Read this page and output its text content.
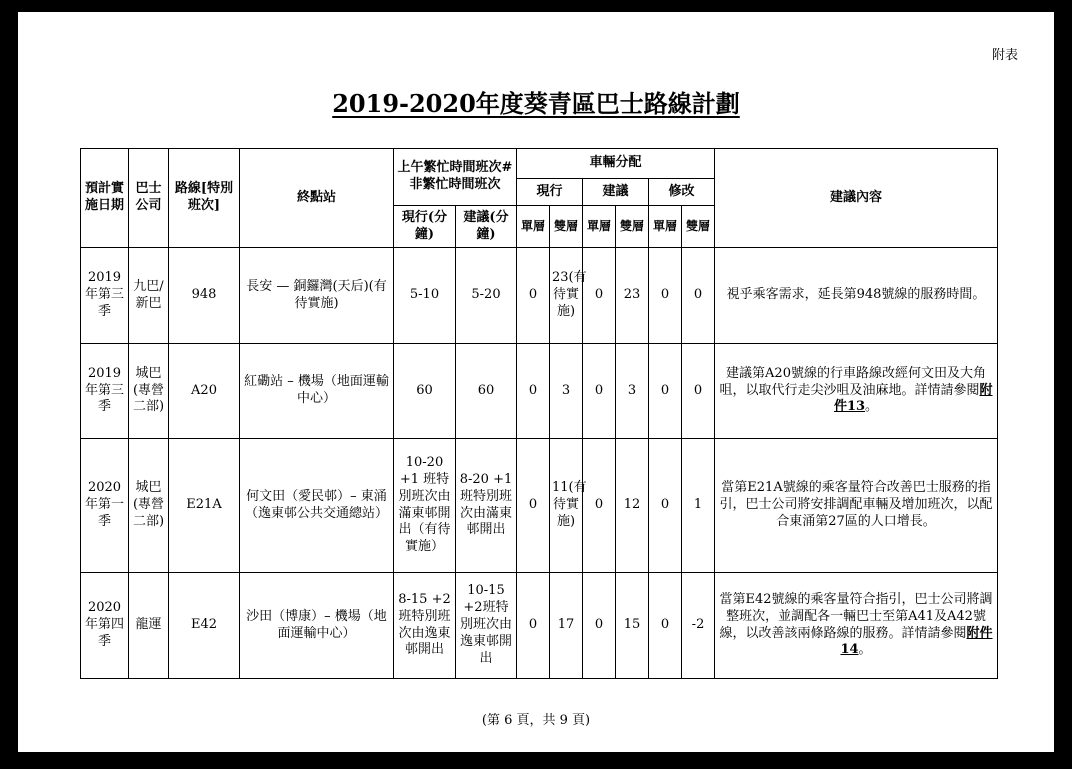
附表
2019-2020年度葵青區巴士路線計劃
預計實施日期	巴士公司	路線[特別班次]	終點站	上午繁忙時間班次#非繁忙時間班次		車輛分配						建議內容
						現行		建議		修改		
				現行(分鐘)	建議(分鐘)	單層	雙層	單層	雙層	單層	雙層	
2019年第三季	九巴/新巴	948	長安 — 銅鑼灣(天后)(有待實施)	5-10	5-20	0	23(有待實施)	0	23	0	0	視乎乘客需求，延長第948號線的服務時間。
2019年第三季	城巴(專營二部)	A20	紅磡站 – 機場（地面運輸中心）	60	60	0	3	0	3	0	0	建議第A20號線的行車路線改經何文田及大角咀，以取代行走尖沙咀及油麻地。詳情請參閱附件13。
2020年第一季	城巴(專營二部)	E21A	何文田（愛民邨）– 東涌（逸東邨公共交通總站）	10-20 +1 班特別班次由滿東邨開出（有待實施）	8-20 +1 班特別班次由滿東邨開出	0	11(有待實施)	0	12	0	1	當第E21A號線的乘客量符合改善巴士服務的指引，巴士公司將安排調配車輛及增加班次，以配合東涌第27區的人口增長。
2020年第四季	龍運	E42	沙田（博康）– 機場（地面運輸中心）	8-15 +2班特別班次由逸東邨開出	10-15 +2班特別班次由逸東邨開出	0	17	0	15	0	-2	當第E42號線的乘客量符合指引，巴士公司將調整班次，並調配各一輛巴士至第A41及A42號線，以改善該兩條路線的服務。詳情請參閱附件14。
(第 6 頁，共 9 頁)
